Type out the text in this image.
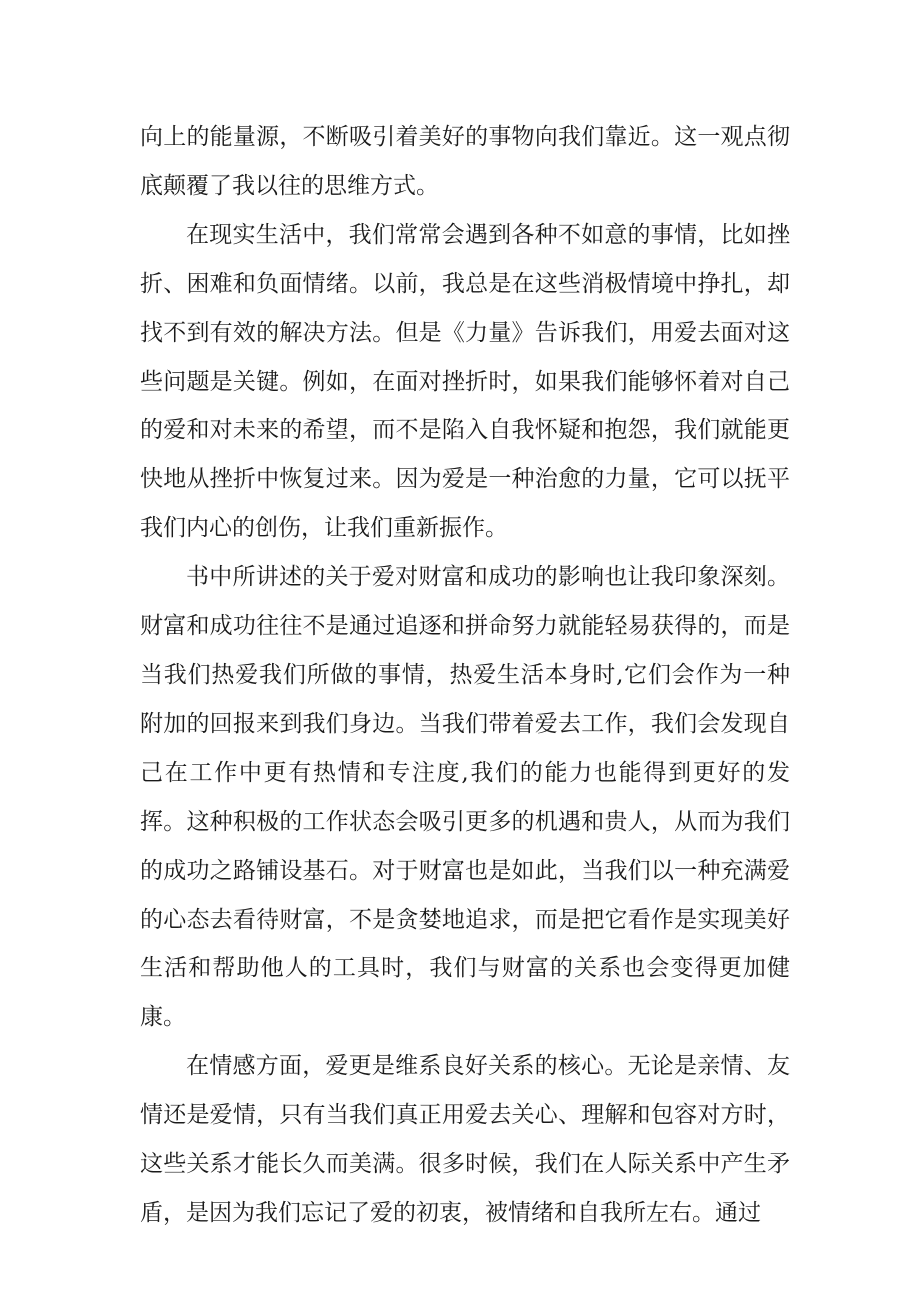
向上的能量源，不断吸引着美好的事物向我们靠近。这一观点彻底颠覆了我以往的思维方式。

在现实生活中，我们常常会遇到各种不如意的事情，比如挫折、困难和负面情绪。以前，我总是在这些消极情境中挣扎，却找不到有效的解决方法。但是《力量》告诉我们，用爱去面对这些问题是关键。例如，在面对挫折时，如果我们能够怀着对自己的爱和对未来的希望，而不是陷入自我怀疑和抱怨，我们就能更快地从挫折中恢复过来。因为爱是一种治愈的力量，它可以抚平我们内心的创伤，让我们重新振作。

书中所讲述的关于爱对财富和成功的影响也让我印象深刻。财富和成功往往不是通过追逐和拼命努力就能轻易获得的，而是当我们热爱我们所做的事情，热爱生活本身时,它们会作为一种附加的回报来到我们身边。当我们带着爱去工作，我们会发现自己在工作中更有热情和专注度,我们的能力也能得到更好的发挥。这种积极的工作状态会吸引更多的机遇和贵人，从而为我们的成功之路铺设基石。对于财富也是如此，当我们以一种充满爱的心态去看待财富，不是贪婪地追求，而是把它看作是实现美好生活和帮助他人的工具时，我们与财富的关系也会变得更加健康。

在情感方面，爱更是维系良好关系的核心。无论是亲情、友情还是爱情，只有当我们真正用爱去关心、理解和包容对方时，这些关系才能长久而美满。很多时候，我们在人际关系中产生矛盾，是因为我们忘记了爱的初衷，被情绪和自我所左右。通过
